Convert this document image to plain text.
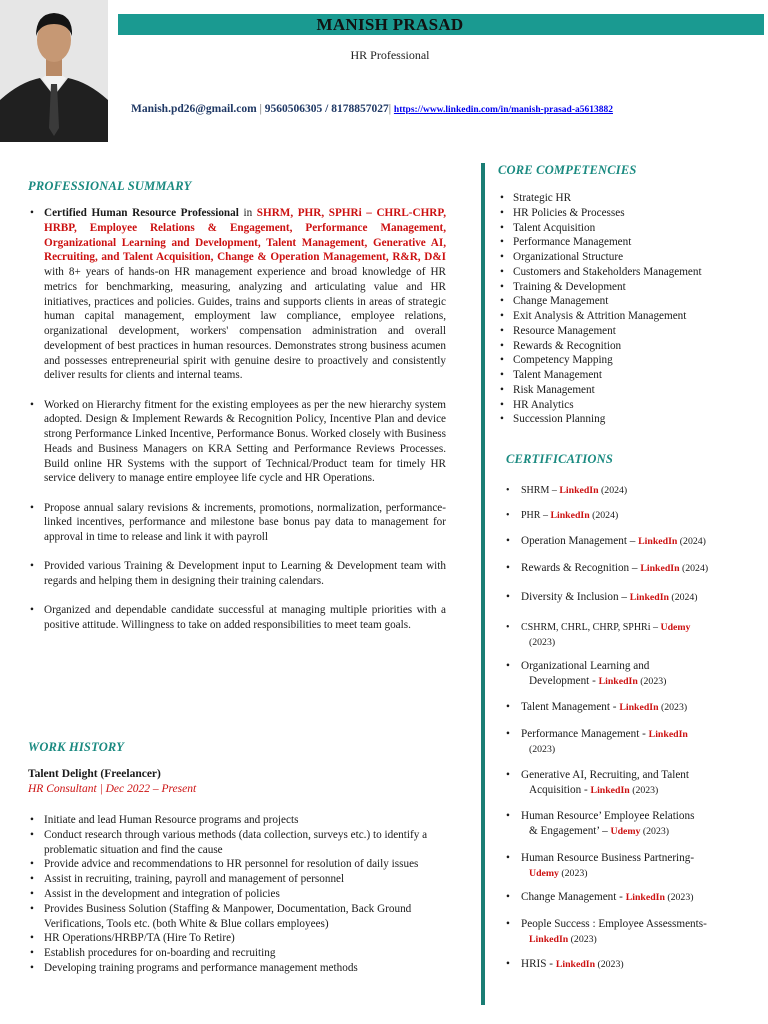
MANISH PRASAD
HR Professional
Manish.pd26@gmail.com | 9560506305 / 8178857027| https://www.linkedin.com/in/manish-prasad-a5613882
PROFESSIONAL SUMMARY
• Certified Human Resource Professional in SHRM, PHR, SPHRi – CHRL-CHRP, HRBP, Employee Relations & Engagement, Performance Management, Organizational Learning and Development, Talent Management, Generative AI, Recruiting, and Talent Acquisition, Change & Operation Management, R&R, D&I with 8+ years of hands-on HR management experience and broad knowledge of HR metrics for benchmarking, measuring, analyzing and articulating value and HR initiatives, practices and policies. Guides, trains and supports clients in areas of strategic human capital management, employment law compliance, employee relations, organizational development, workers' compensation administration and overall development of best practices in human resources. Demonstrates strong business acumen and possesses entrepreneurial spirit with genuine desire to proactively and consistently deliver results for clients and internal teams.
• Worked on Hierarchy fitment for the existing employees as per the new hierarchy system adopted. Design & Implement Rewards & Recognition Policy, Incentive Plan and device strong Performance Linked Incentive, Performance Bonus. Worked closely with Business Heads and Business Managers on KRA Setting and Performance Reviews Processes. Build online HR Systems with the support of Technical/Product team for timely HR service delivery to manage entire employee life cycle and HR Operations.
• Propose annual salary revisions & increments, promotions, normalization, performance-linked incentives, performance and milestone base bonus pay data to management for approval in time to release and link it with payroll
• Provided various Training & Development input to Learning & Development team with regards and helping them in designing their training calendars.
• Organized and dependable candidate successful at managing multiple priorities with a positive attitude. Willingness to take on added responsibilities to meet team goals.
WORK HISTORY
Talent Delight (Freelancer)
HR Consultant | Dec 2022 – Present
• Initiate and lead Human Resource programs and projects
• Conduct research through various methods (data collection, surveys etc.) to identify a problematic situation and find the cause
• Provide advice and recommendations to HR personnel for resolution of daily issues
• Assist in recruiting, training, payroll and management of personnel
• Assist in the development and integration of policies
• Provides Business Solution (Staffing & Manpower, Documentation, Back Ground Verifications, Tools etc. (both White & Blue collars employees)
• HR Operations/HRBP/TA (Hire To Retire)
• Establish procedures for on-boarding and recruiting
• Developing training programs and performance management methods
CORE COMPETENCIES
• Strategic HR
• HR Policies & Processes
• Talent Acquisition
• Performance Management
• Organizational Structure
• Customers and Stakeholders Management
• Training & Development
• Change Management
• Exit Analysis & Attrition Management
• Resource Management
• Rewards & Recognition
• Competency Mapping
• Talent Management
• Risk Management
• HR Analytics
• Succession Planning
CERTIFICATIONS
•	SHRM – LinkedIn (2024)
•	PHR – LinkedIn (2024)
• Operation Management – LinkedIn (2024)
• Rewards & Recognition – LinkedIn (2024)
• Diversity & Inclusion – LinkedIn (2024)
•	CSHRM, CHRL, CHRP, SPHRi – Udemy
(2023)
• Organizational Learning and
Development - LinkedIn (2023)
• Talent Management - LinkedIn (2023)
• Performance Management - LinkedIn
(2023)
• Generative AI, Recruiting, and Talent
Acquisition - LinkedIn (2023)
• Human Resource’ Employee Relations
& Engagement’ – Udemy (2023)
• Human Resource Business Partnering-
Udemy (2023)
• Change Management - LinkedIn (2023)
• People Success : Employee Assessments-
LinkedIn (2023)
• HRIS - LinkedIn (2023)
